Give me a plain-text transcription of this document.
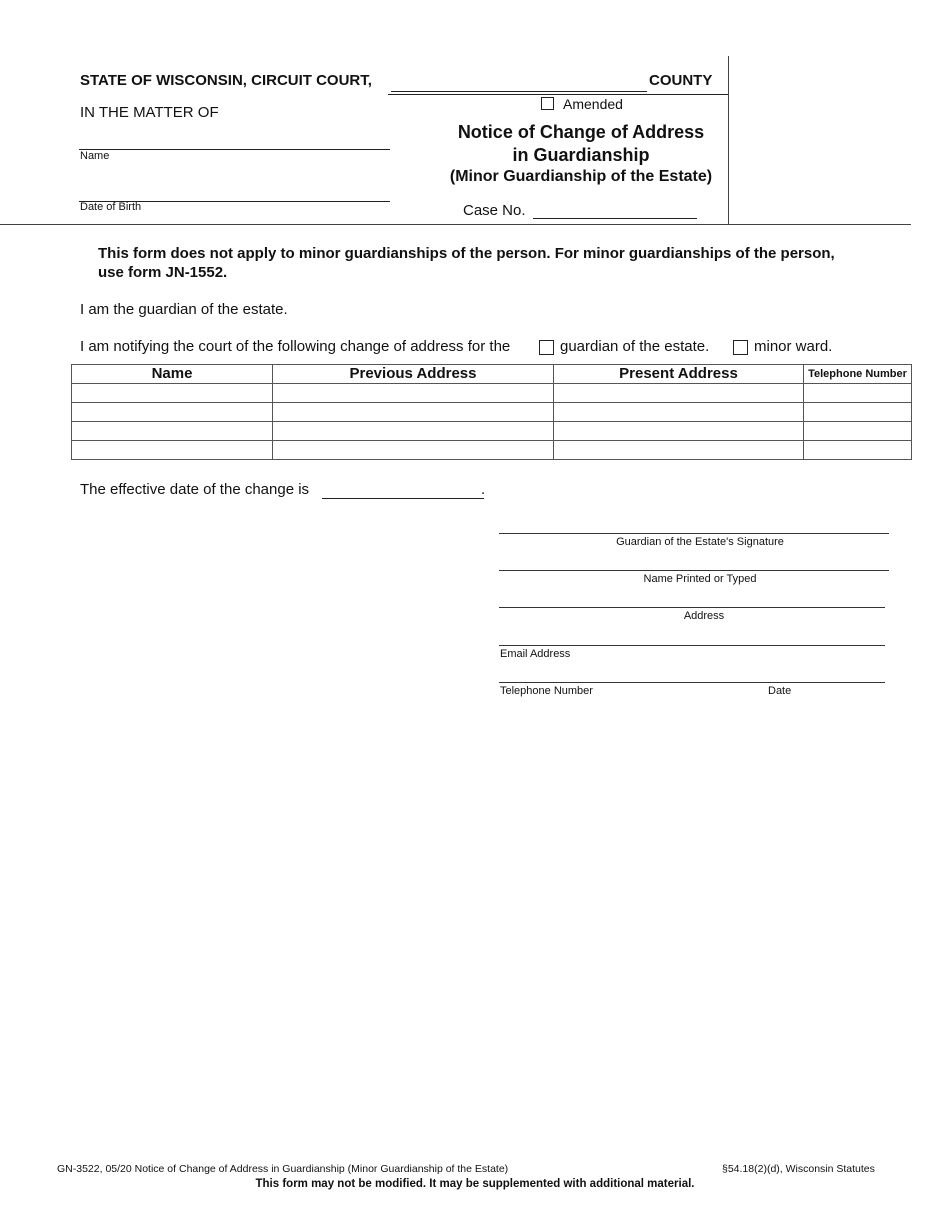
STATE OF WISCONSIN, CIRCUIT COURT,	COUNTY
IN THE MATTER OF
Name
Date of Birth
Amended
Notice of Change of Address
in Guardianship
(Minor Guardianship of the Estate)
Case No.
This form does not apply to minor guardianships of the person. For minor guardianships of the person,
use form JN-1552.
I am the guardian of the estate.
I am notifying the court of the following change of address for the	guardian of the estate.	minor ward.
Name	Previous Address	Present Address	Telephone Number

The effective date of the change is	.
Guardian of the Estate's Signature
Name Printed or Typed
Address
Email Address
Telephone Number	Date
GN-3522, 05/20 Notice of Change of Address in Guardianship (Minor Guardianship of the Estate)	§54.18(2)(d), Wisconsin Statutes
This form may not be modified. It may be supplemented with additional material.
